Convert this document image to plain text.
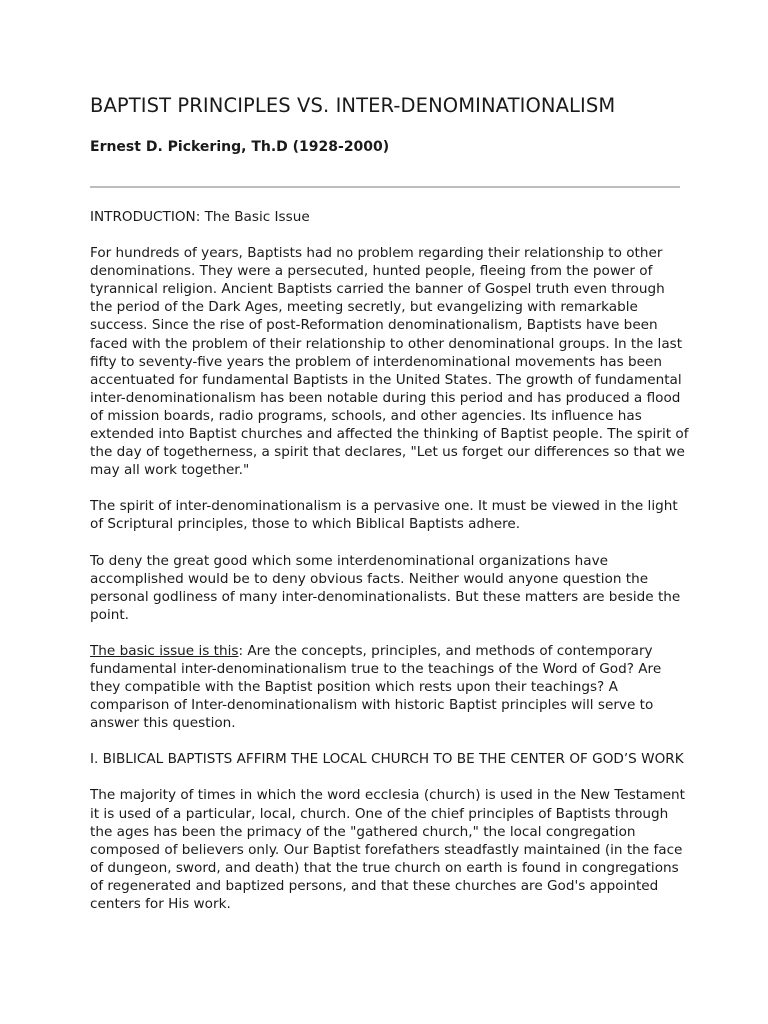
BAPTIST PRINCIPLES VS. INTER-DENOMINATIONALISM
Ernest D. Pickering, Th.D (1928-2000)

INTRODUCTION: The Basic Issue

For hundreds of years, Baptists had no problem regarding their relationship to other denominations. They were a persecuted, hunted people, fleeing from the power of tyrannical religion. Ancient Baptists carried the banner of Gospel truth even through the period of the Dark Ages, meeting secretly, but evangelizing with remarkable success. Since the rise of post-Reformation denominationalism, Baptists have been faced with the problem of their relationship to other denominational groups. In the last fifty to seventy-five years the problem of interdenominational movements has been accentuated for fundamental Baptists in the United States. The growth of fundamental inter-denominationalism has been notable during this period and has produced a flood of mission boards, radio programs, schools, and other agencies. Its influence has extended into Baptist churches and affected the thinking of Baptist people. The spirit of the day of togetherness, a spirit that declares, "Let us forget our differences so that we may all work together."

The spirit of inter-denominationalism is a pervasive one. It must be viewed in the light of Scriptural principles, those to which Biblical Baptists adhere.

To deny the great good which some interdenominational organizations have accomplished would be to deny obvious facts. Neither would anyone question the personal godliness of many inter-denominationalists. But these matters are beside the point.

The basic issue is this: Are the concepts, principles, and methods of contemporary fundamental inter-denominationalism true to the teachings of the Word of God? Are they compatible with the Baptist position which rests upon their teachings? A comparison of Inter-denominationalism with historic Baptist principles will serve to answer this question.

I. BIBLICAL BAPTISTS AFFIRM THE LOCAL CHURCH TO BE THE CENTER OF GOD’S WORK

The majority of times in which the word ecclesia (church) is used in the New Testament it is used of a particular, local, church. One of the chief principles of Baptists through the ages has been the primacy of the "gathered church," the local congregation composed of believers only. Our Baptist forefathers steadfastly maintained (in the face of dungeon, sword, and death) that the true church on earth is found in congregations of regenerated and baptized persons, and that these churches are God's appointed centers for His work.
